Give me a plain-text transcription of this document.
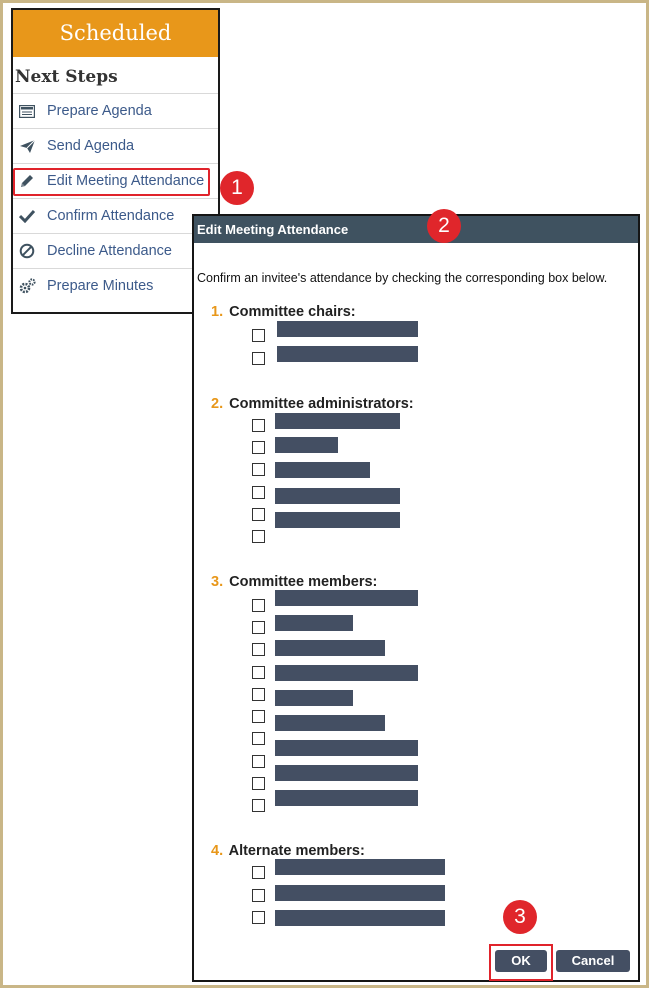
Scheduled
Next Steps
Prepare Agenda
Send Agenda
Edit Meeting Attendance
Confirm Attendance
Decline Attendance
Prepare Minutes
1
Edit Meeting Attendance
Confirm an invitee's attendance by checking the corresponding box below.
1. Committee chairs:
2. Committee administrators:
3. Committee members:
4. Alternate members:
OK	Cancel
2
3
